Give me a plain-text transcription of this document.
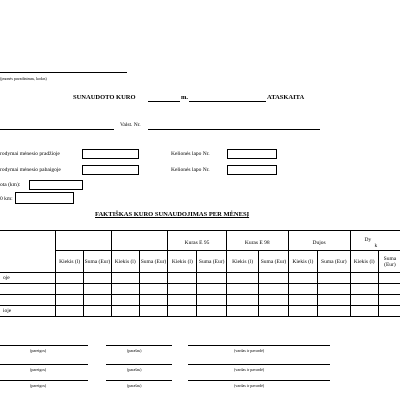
(įmonės pavadinimas, kodas)
SUNAUDOTO KURO	m.	ATASKAITA
Valst. Nr.
rodymai mėnesio pradžioje	Kelionės lapo Nr.
rodymai mėnesio pabaigoje	Kelionės lapo Nr.
ota (km):
0 km:
FAKTIŠKAS KURO SUNAUDOJIMAS PER MĖNESĮ
					Kuras E 95		Kuras E 98		Dujos		Dy
k	
	Kiekis (l)	Suma (Eur)	Kiekis (l)	Suma (Eur)	Kiekis (l)	Suma (Eur)	Kiekis (l)	Suma (Eur)	Kiekis (l)	Suma (Eur)	Kiekis (l)	Suma (Eur)
oje												

ioje												
(pareigos)	(parašas)	(vardas ir pavardė)
(pareigos)	(parašas)	(vardas ir pavardė)
(pareigos)	(parašas)	(vardas ir pavardė)
